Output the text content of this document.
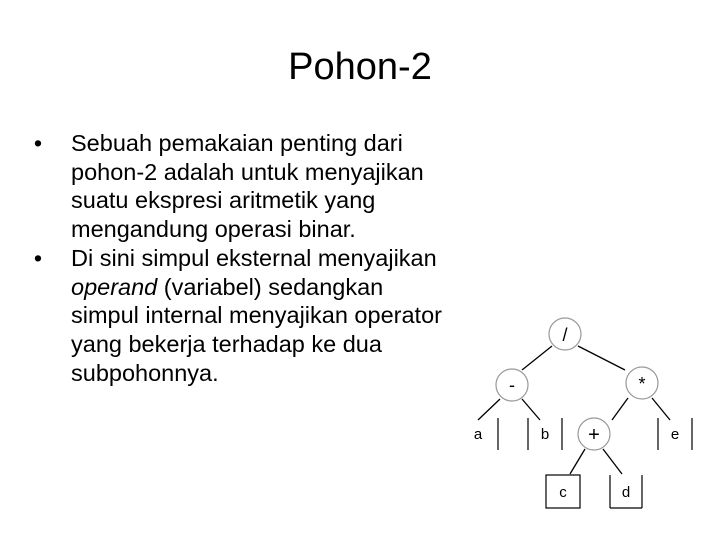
Pohon-2
• Sebuah pemakaian penting dari pohon-2 adalah untuk menyajikan suatu ekspresi aritmetik yang mengandung operasi binar.
• Di sini simpul eksternal menyajikan operand (variabel) sedangkan simpul internal menyajikan operator yang bekerja terhadap ke dua subpohonnya.
/
-	*
+
a	b	e
c	d
